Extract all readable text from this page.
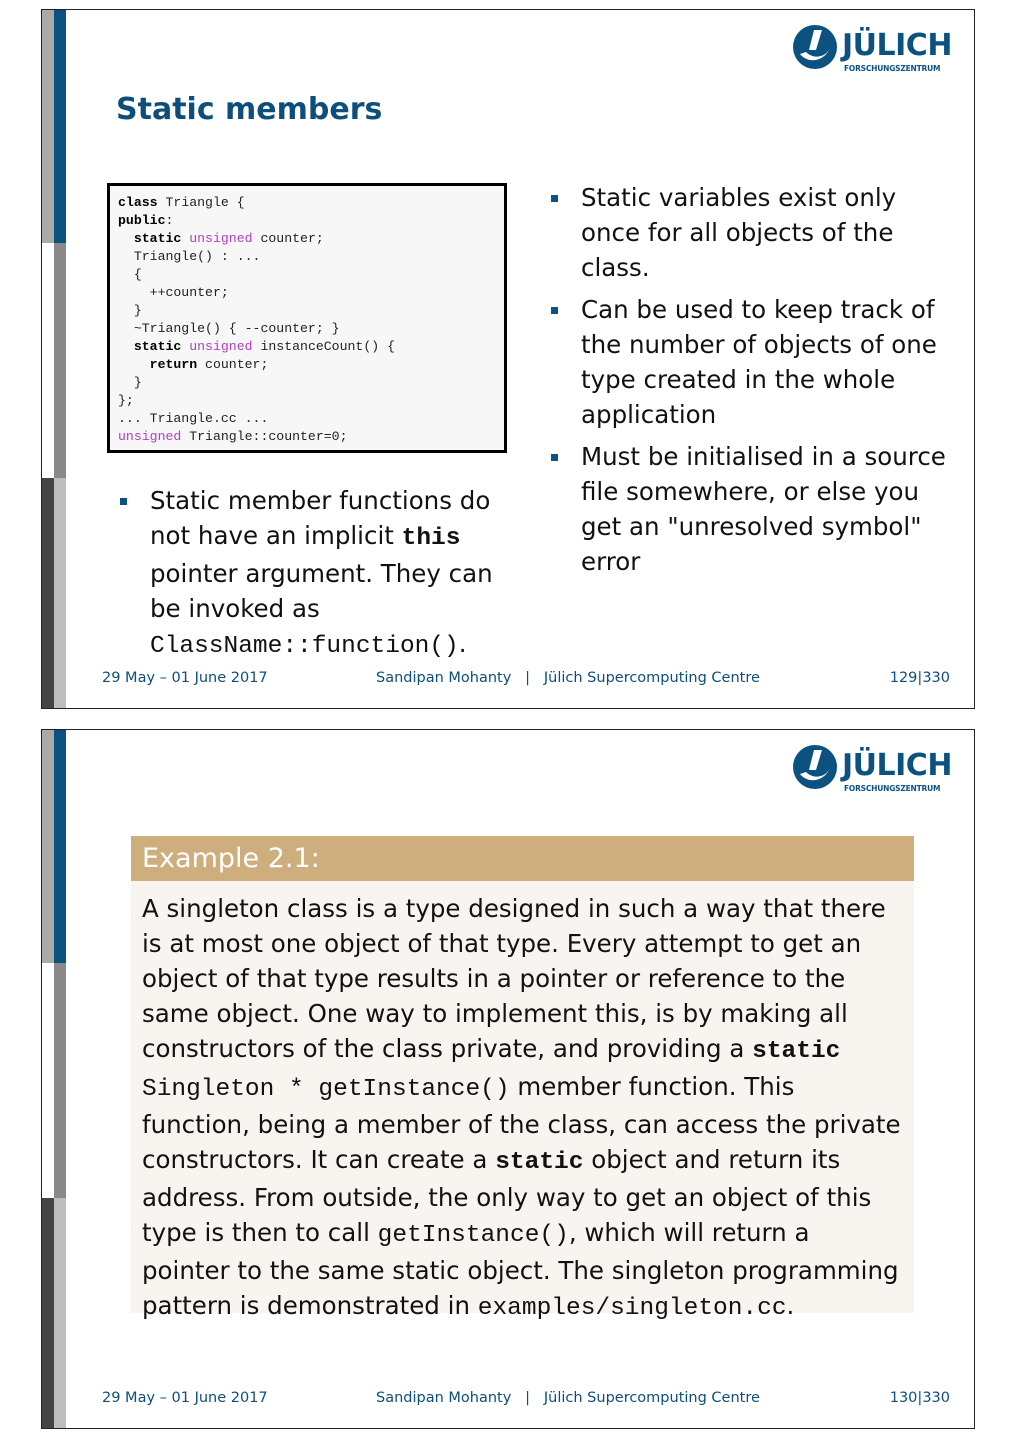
JÜLICH
FORSCHUNGSZENTRUM
Static members
class Triangle {
public:
static unsigned counter;
Triangle() : ...
{
++counter;
}
~Triangle() { --counter; }
static unsigned instanceCount() {
return counter;
}
};
... Triangle.cc ...
unsigned Triangle::counter=0;
Static member functions do not have an implicit this pointer argument. They can be invoked as ClassName::function().
Static variables exist only once for all objects of the class.
Can be used to keep track of the number of objects of one type created in the whole application
Must be initialised in a source file somewhere, or else you get an "unresolved symbol" error
29 May – 01 June 2017	Sandipan Mohanty | Jülich Supercomputing Centre	129|330
JÜLICH
FORSCHUNGSZENTRUM
Example 2.1:
A singleton class is a type designed in such a way that there is at most one object of that type. Every attempt to get an object of that type results in a pointer or reference to the same object. One way to implement this, is by making all constructors of the class private, and providing a static Singleton * getInstance() member function. This function, being a member of the class, can access the private constructors. It can create a static object and return its address. From outside, the only way to get an object of this type is then to call getInstance(), which will return a pointer to the same static object. The singleton programming pattern is demonstrated in examples/singleton.cc.
29 May – 01 June 2017	Sandipan Mohanty | Jülich Supercomputing Centre	130|330
